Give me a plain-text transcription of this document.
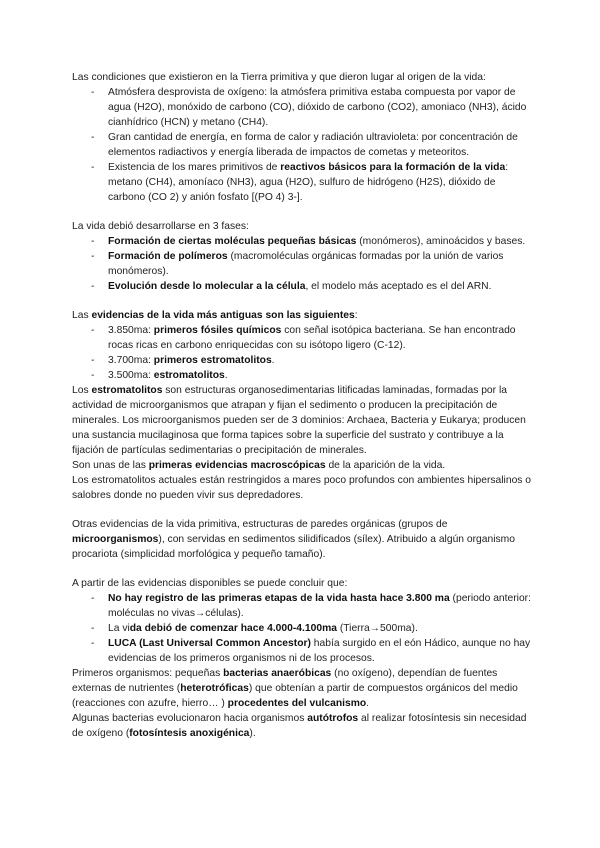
Las condiciones que existieron en la Tierra primitiva y que dieron lugar al origen de la vida:

- Atmósfera desprovista de oxígeno: la atmósfera primitiva estaba compuesta por vapor de agua (H2O), monóxido de carbono (CO), dióxido de carbono (CO2), amoniaco (NH3), ácido cianhídrico (HCN) y metano (CH4).
- Gran cantidad de energía, en forma de calor y radiación ultravioleta: por concentración de elementos radiactivos y energía liberada de impactos de cometas y meteoritos.
- Existencia de los mares primitivos de reactivos básicos para la formación de la vida: metano (CH4), amoníaco (NH3), agua (H2O), sulfuro de hidrógeno (H2S), dióxido de carbono (CO 2) y anión fosfato [(PO 4) 3-].

La vida debió desarrollarse en 3 fases:

- Formación de ciertas moléculas pequeñas básicas (monómeros), aminoácidos y bases.
- Formación de polímeros (macromoléculas orgánicas formadas por la unión de varios monómeros).
- Evolución desde lo molecular a la célula, el modelo más aceptado es el del ARN.

Las evidencias de la vida más antiguas son las siguientes:

- 3.850ma: primeros fósiles químicos con señal isotópica bacteriana. Se han encontrado rocas ricas en carbono enriquecidas con su isótopo ligero (C-12).
- 3.700ma: primeros estromatolitos.
- 3.500ma: estromatolitos.

Los estromatolitos son estructuras organosedimentarias litificadas laminadas, formadas por la actividad de microorganismos que atrapan y fijan el sedimento o producen la precipitación de minerales. Los microorganismos pueden ser de 3 dominios: Archaea, Bacteria y Eukarya; producen una sustancia mucilaginosa que forma tapices sobre la superficie del sustrato y contribuye a la fijación de partículas sedimentarias o precipitación de minerales.

Son unas de las primeras evidencias macroscópicas de la aparición de la vida.

Los estromatolitos actuales están restringidos a mares poco profundos con ambientes hipersalinos o salobres donde no pueden vivir sus depredadores.

Otras evidencias de la vida primitiva, estructuras de paredes orgánicas (grupos de microorganismos), con servidas en sedimentos silidificados (sílex). Atribuido a algún organismo procariota (simplicidad morfológica y pequeño tamaño).

A partir de las evidencias disponibles se puede concluir que:

- No hay registro de las primeras etapas de la vida hasta hace 3.800 ma (periodo anterior: moléculas no vivas→células).
- La vida debió de comenzar hace 4.000-4.100ma (Tierra→500ma).
- LUCA (Last Universal Common Ancestor) había surgido en el eón Hádico, aunque no hay evidencias de los primeros organismos ni de los procesos.

Primeros organismos: pequeñas bacterias anaeróbicas (no oxígeno), dependían de fuentes externas de nutrientes (heterotróficas) que obtenían a partir de compuestos orgánicos del medio (reacciones con azufre, hierro… ) procedentes del vulcanismo.

Algunas bacterias evolucionaron hacia organismos autótrofos al realizar fotosíntesis sin necesidad de oxígeno (fotosíntesis anoxigénica).
